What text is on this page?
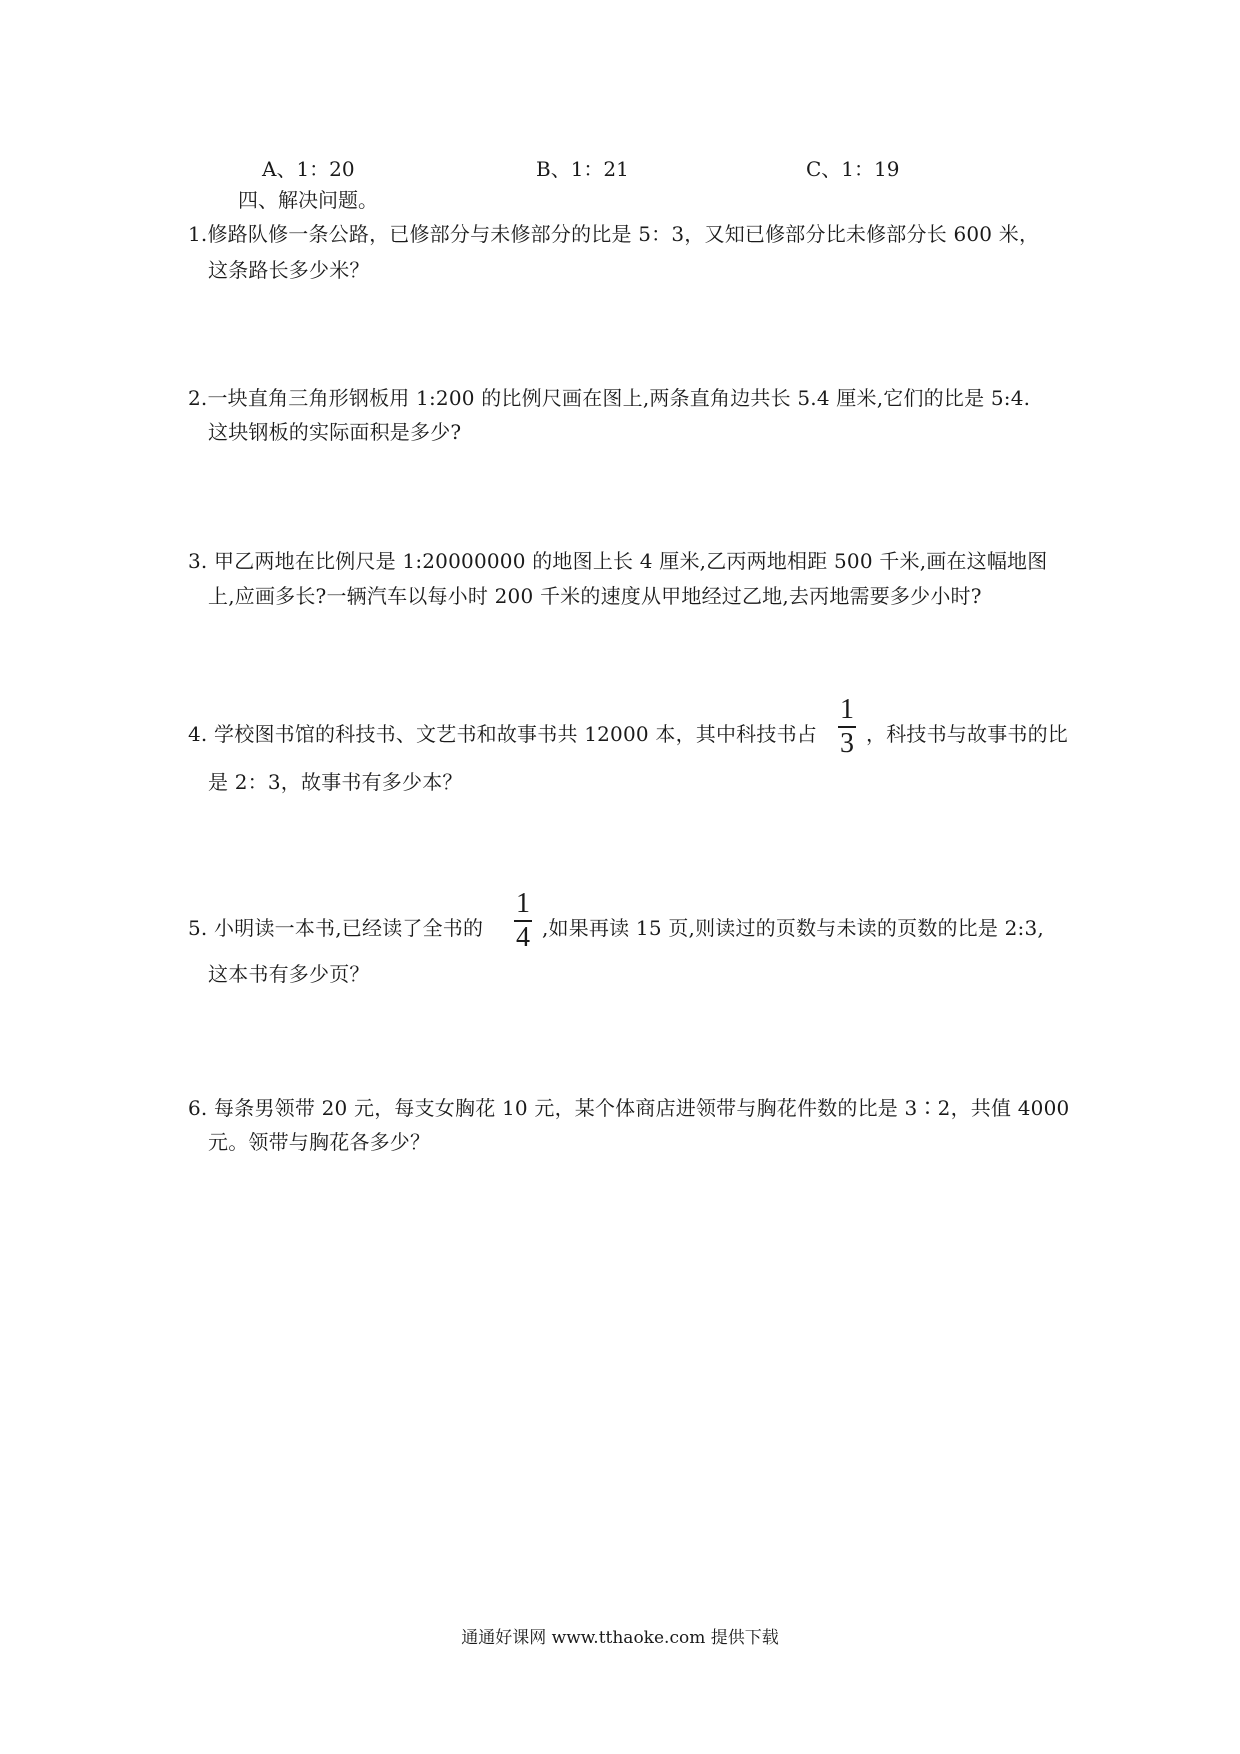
A、1：20	B、1：21	C、1：19
四、解决问题。
1.修路队修一条公路，已修部分与未修部分的比是 5：3，又知已修部分比未修部分长 600 米，
这条路长多少米？
2.一块直角三角形钢板用 1:200 的比例尺画在图上,两条直角边共长 5.4 厘米,它们的比是 5:4.
这块钢板的实际面积是多少?
3. 甲乙两地在比例尺是 1:20000000 的地图上长 4 厘米,乙丙两地相距 500 千米,画在这幅地图
上,应画多长?一辆汽车以每小时 200 千米的速度从甲地经过乙地,去丙地需要多少小时?
4. 学校图书馆的科技书、文艺书和故事书共 12000 本，其中科技书占
1
3 ，科技书与故事书的比
是 2：3，故事书有多少本？
5. 小明读一本书,已经读了全书的
1
4 ,如果再读 15 页,则读过的页数与未读的页数的比是 2:3,
这本书有多少页？
6. 每条男领带 20 元，每支女胸花 10 元，某个体商店进领带与胸花件数的比是 3∶2，共值 4000
元。领带与胸花各多少？
通通好课网 www.tthaoke.com 提供下载
